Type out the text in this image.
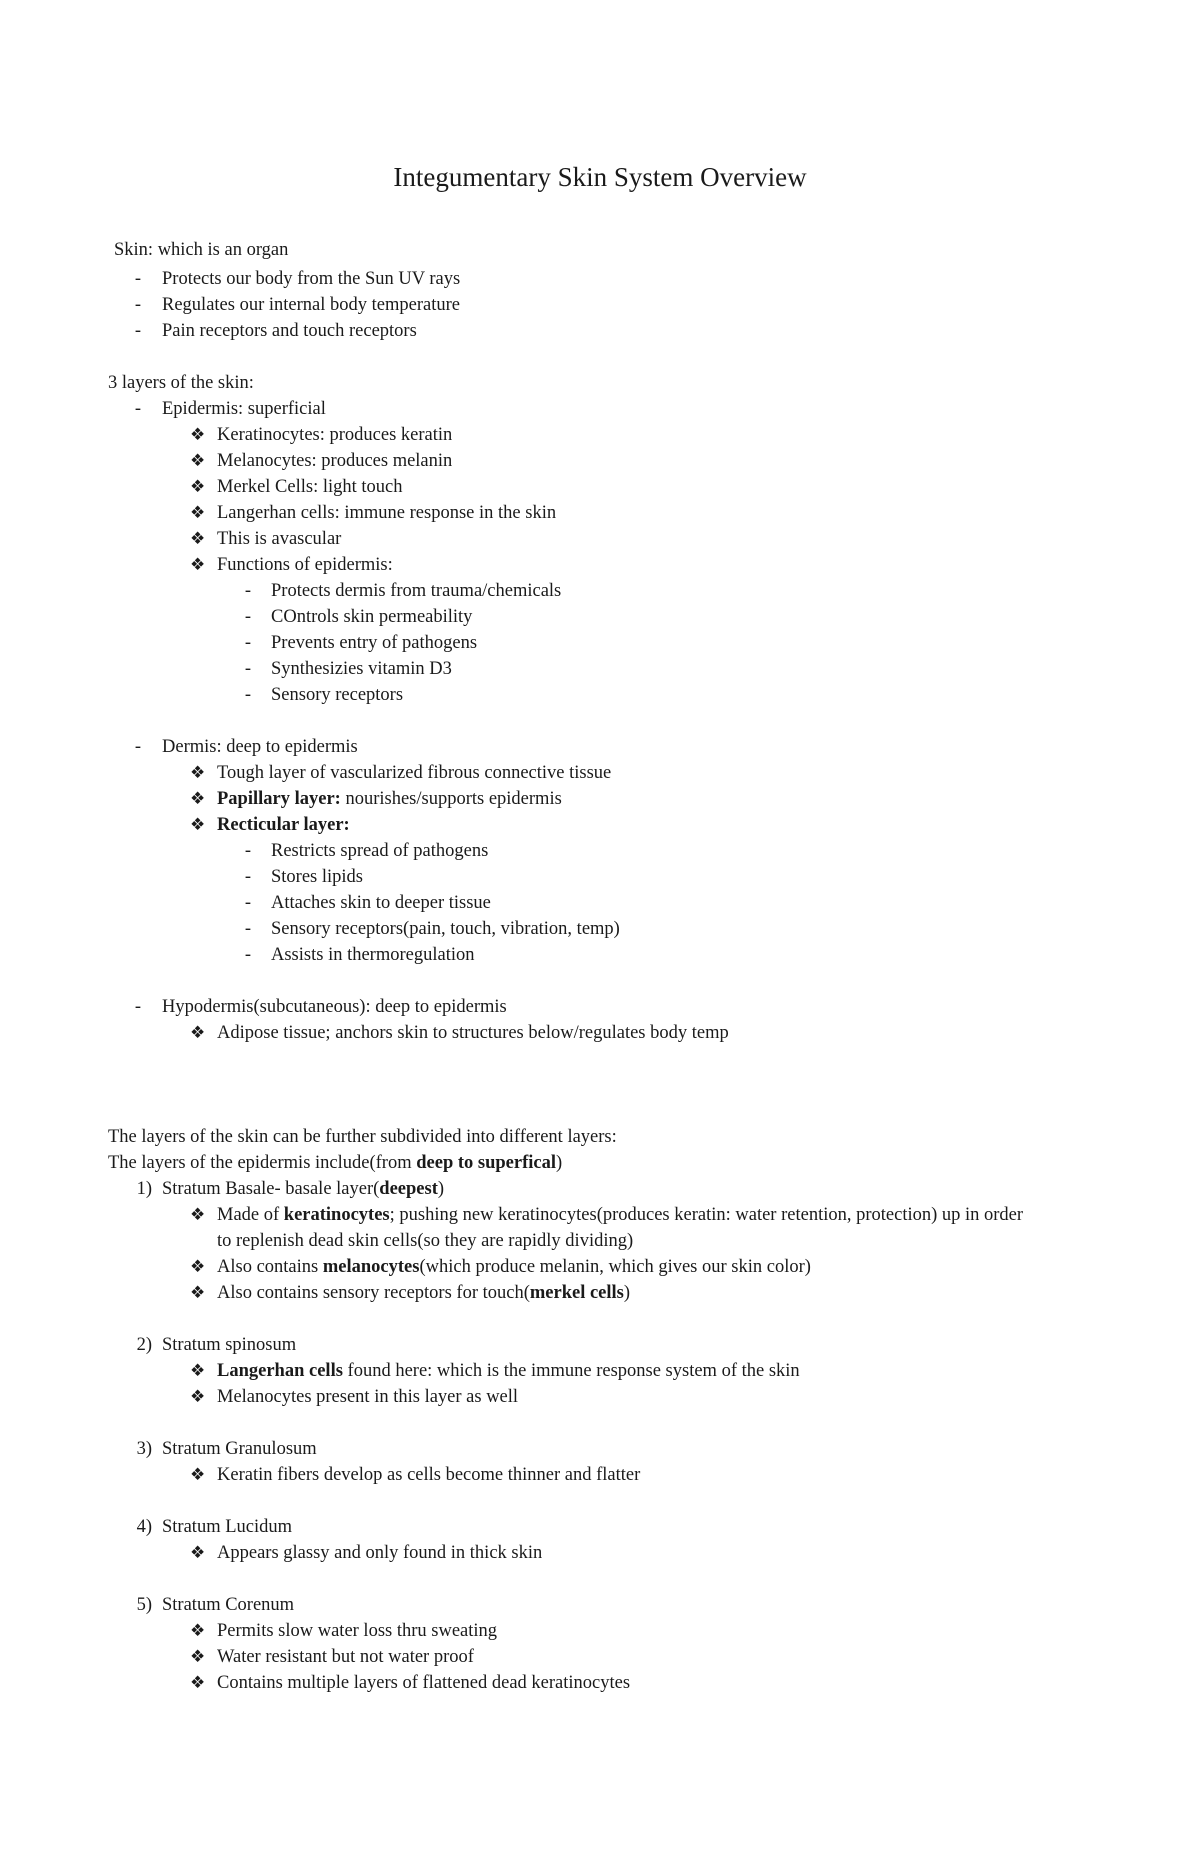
Integumentary Skin System Overview
Skin: which is an organ
- Protects our body from the Sun UV rays
- Regulates our internal body temperature
- Pain receptors and touch receptors
3 layers of the skin:
- Epidermis: superficial
❖ Keratinocytes: produces keratin
❖ Melanocytes: produces melanin
❖ Merkel Cells: light touch
❖ Langerhan cells: immune response in the skin
❖ This is avascular
❖ Functions of epidermis:
- Protects dermis from trauma/chemicals
- COntrols skin permeability
- Prevents entry of pathogens
- Synthesizies vitamin D3
- Sensory receptors
- Dermis: deep to epidermis
❖ Tough layer of vascularized fibrous connective tissue
❖ Papillary layer: nourishes/supports epidermis
❖ Recticular layer:
- Restricts spread of pathogens
- Stores lipids
- Attaches skin to deeper tissue
- Sensory receptors(pain, touch, vibration, temp)
- Assists in thermoregulation
- Hypodermis(subcutaneous): deep to epidermis
❖ Adipose tissue; anchors skin to structures below/regulates body temp
The layers of the skin can be further subdivided into different layers:
The layers of the epidermis include(from deep to superfical)
1) Stratum Basale- basale layer(deepest)
❖ Made of keratinocytes; pushing new keratinocytes(produces keratin: water retention, protection) up in order
to replenish dead skin cells(so they are rapidly dividing)
❖ Also contains melanocytes(which produce melanin, which gives our skin color)
❖ Also contains sensory receptors for touch(merkel cells)
2) Stratum spinosum
❖ Langerhan cells found here: which is the immune response system of the skin
❖ Melanocytes present in this layer as well
3) Stratum Granulosum
❖ Keratin fibers develop as cells become thinner and flatter
4) Stratum Lucidum
❖ Appears glassy and only found in thick skin
5) Stratum Corenum
❖ Permits slow water loss thru sweating
❖ Water resistant but not water proof
❖ Contains multiple layers of flattened dead keratinocytes
